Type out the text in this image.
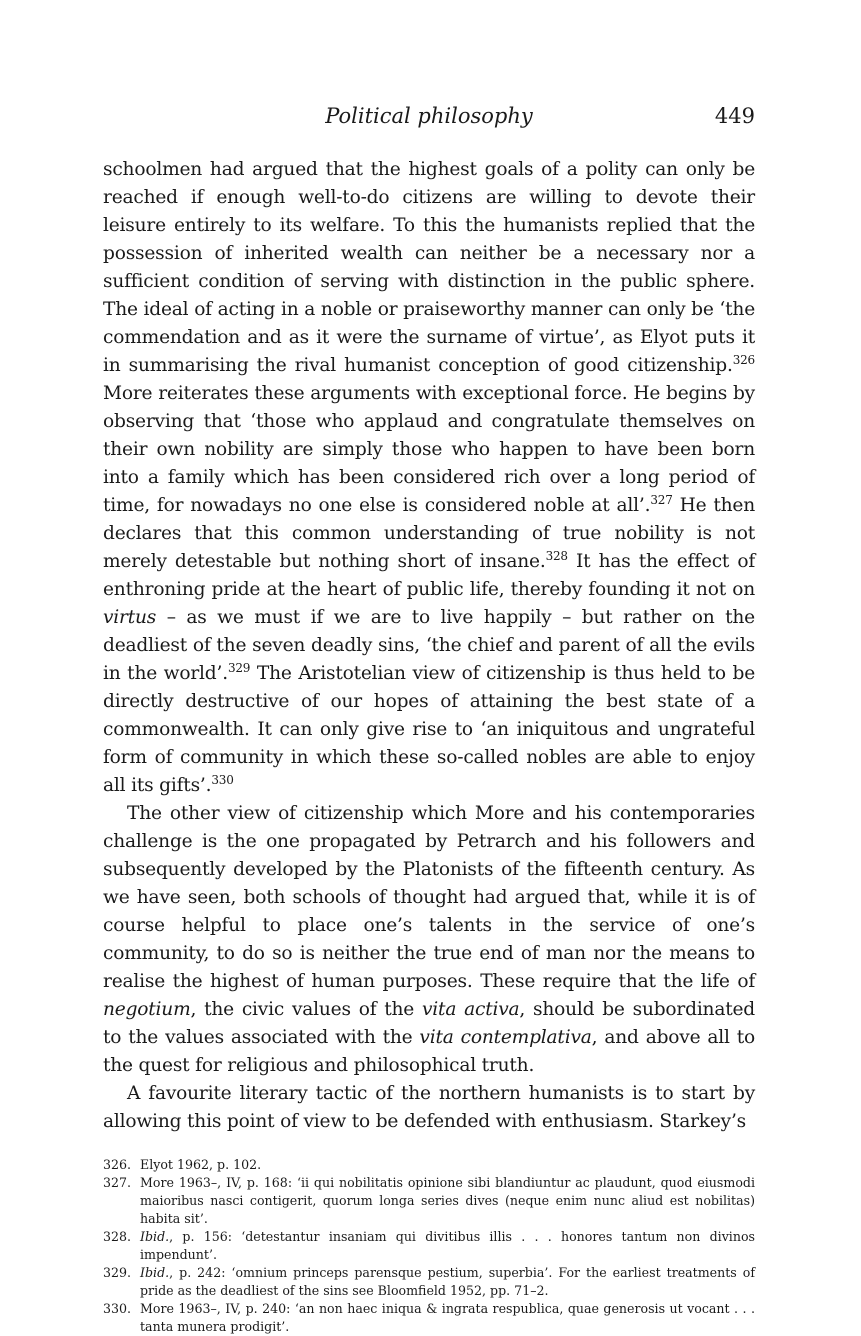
Political philosophy	449

schoolmen had argued that the highest goals of a polity can only be reached if enough well-to-do citizens are willing to devote their leisure entirely to its welfare. To this the humanists replied that the possession of inherited wealth can neither be a necessary nor a sufficient condition of serving with distinction in the public sphere. The ideal of acting in a noble or praiseworthy manner can only be ‘the commendation and as it were the surname of virtue’, as Elyot puts it in summarising the rival humanist conception of good citizenship.$^{326}$ More reiterates these arguments with exceptional force. He begins by observing that ‘those who applaud and congratulate themselves on their own nobility are simply those who happen to have been born into a family which has been considered rich over a long period of time, for nowadays no one else is considered noble at all’.$^{327}$ He then declares that this common understanding of true nobility is not merely detestable but nothing short of insane.$^{328}$ It has the effect of enthroning pride at the heart of public life, thereby founding it not on virtus – as we must if we are to live happily – but rather on the deadliest of the seven deadly sins, ‘the chief and parent of all the evils in the world’.$^{329}$ The Aristotelian view of citizenship is thus held to be directly destructive of our hopes of attaining the best state of a commonwealth. It can only give rise to ‘an iniquitous and ungrateful form of community in which these so-called nobles are able to enjoy all its gifts’.$^{330}$

The other view of citizenship which More and his contemporaries challenge is the one propagated by Petrarch and his followers and subsequently developed by the Platonists of the fifteenth century. As we have seen, both schools of thought had argued that, while it is of course helpful to place one’s talents in the service of one’s community, to do so is neither the true end of man nor the means to realise the highest of human purposes. These require that the life of negotium, the civic values of the vita activa, should be subordinated to the values associated with the vita contemplativa, and above all to the quest for religious and philosophical truth.

A favourite literary tactic of the northern humanists is to start by allowing this point of view to be defended with enthusiasm. Starkey’s

326. Elyot 1962, p. 102.
327. More 1963–, IV, p. 168: ‘ii qui nobilitatis opinione sibi blandiuntur ac plaudunt, quod eiusmodi maioribus nasci contigerit, quorum longa series dives (neque enim nunc aliud est nobilitas) habita sit’.
328. Ibid., p. 156: ‘detestantur insaniam qui divitibus illis . . . honores tantum non divinos impendunt’.
329. Ibid., p. 242: ‘omnium princeps parensque pestium, superbia’. For the earliest treatments of pride as the deadliest of the sins see Bloomfield 1952, pp. 71–2.
330. More 1963–, IV, p. 240: ‘an non haec iniqua & ingrata respublica, quae generosis ut vocant . . . tanta munera prodigit’.
